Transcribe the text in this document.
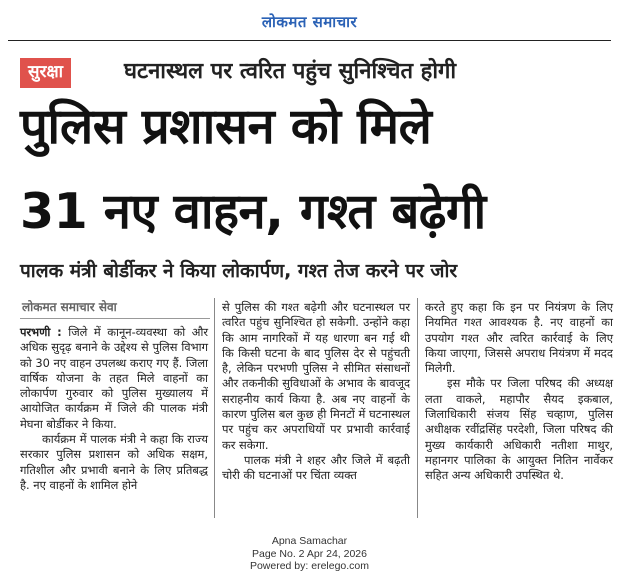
लोकमत समाचार
सुरक्षा	घटनास्थल पर त्वरित पहुंच सुनिश्चित होगी
पुलिस प्रशासन को मिले
31 नए वाहन, गश्त बढ़ेगी
पालक मंत्री बोर्डीकर ने किया लोकार्पण, गश्त तेज करने पर जोर
लोकमत समाचार सेवा

परभणी : जिले में कानून-व्यवस्था को और अधिक सुदृढ़ बनाने के उद्देश्य से पुलिस विभाग को 30 नए वाहन उपलब्ध कराए गए हैं. जिला वार्षिक योजना के तहत मिले वाहनों का लोकार्पण गुरुवार को पुलिस मुख्यालय में आयोजित कार्यक्रम में जिले की पालक मंत्री मेघना बोर्डीकर ने किया.

कार्यक्रम में पालक मंत्री ने कहा कि राज्य सरकार पुलिस प्रशासन को अधिक सक्षम, गतिशील और प्रभावी बनाने के लिए प्रतिबद्ध है. नए वाहनों के शामिल होने

से पुलिस की गश्त बढ़ेगी और घटनास्थल पर त्वरित पहुंच सुनिश्चित हो सकेगी. उन्होंने कहा कि आम नागरिकों में यह धारणा बन गई थी कि किसी घटना के बाद पुलिस देर से पहुंचती है, लेकिन परभणी पुलिस ने सीमित संसाधनों और तकनीकी सुविधाओं के अभाव के बावजूद सराहनीय कार्य किया है. अब नए वाहनों के कारण पुलिस बल कुछ ही मिनटों में घटनास्थल पर पहुंच कर अपराधियों पर प्रभावी कार्रवाई कर सकेगा.

पालक मंत्री ने शहर और जिले में बढ़ती चोरी की घटनाओं पर चिंता व्यक्त

करते हुए कहा कि इन पर नियंत्रण के लिए नियमित गश्त आवश्यक है. नए वाहनों का उपयोग गश्त और त्वरित कार्रवाई के लिए किया जाएगा, जिससे अपराध नियंत्रण में मदद मिलेगी.

इस मौके पर जिला परिषद की अध्यक्ष लता वाकले, महापौर सैयद इकबाल, जिलाधिकारी संजय सिंह चव्हाण, पुलिस अधीक्षक रवींद्रसिंह परदेशी, जिला परिषद की मुख्य कार्यकारी अधिकारी नतीशा माथुर, महानगर पालिका के आयुक्त नितिन नार्वेकर सहित अन्य अधिकारी उपस्थित थे.

Apna Samachar
Page No. 2 Apr 24, 2026
Powered by: erelego.com
